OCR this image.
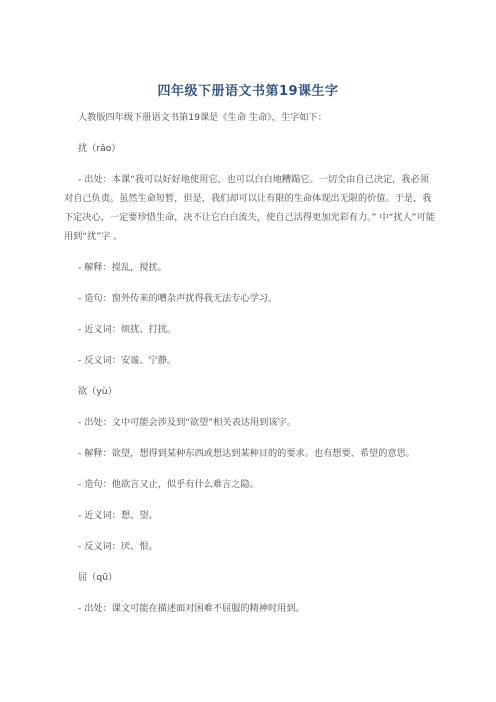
四年级下册语文书第19课生字

人教版四年级下册语文书第19课是《生命 生命》，生字如下：

扰（rǎo）

- 出处：本课“我可以好好地使用它，也可以白白地糟蹋它。一切全由自己决定，我必须对自己负责。虽然生命短暂，但是，我们却可以让有限的生命体现出无限的价值。于是，我下定决心，一定要珍惜生命，决不让它白白流失，使自己活得更加光彩有力。” 中“扰人”可能用到“扰”字 。

- 解释：搅乱，搅扰。

- 造句：窗外传来的嘈杂声扰得我无法专心学习。

- 近义词：烦扰、打扰。

- 反义词：安谧、宁静。

欲（yù）

- 出处：文中可能会涉及到“欲望”相关表达用到该字。

- 解释：欲望，想得到某种东西或想达到某种目的的要求。也有想要、希望的意思。

- 造句：他欲言又止，似乎有什么难言之隐。

- 近义词：想、望。

- 反义词：厌、恨。

屈（qū）

- 出处：课文可能在描述面对困难不屈服的精神时用到。
